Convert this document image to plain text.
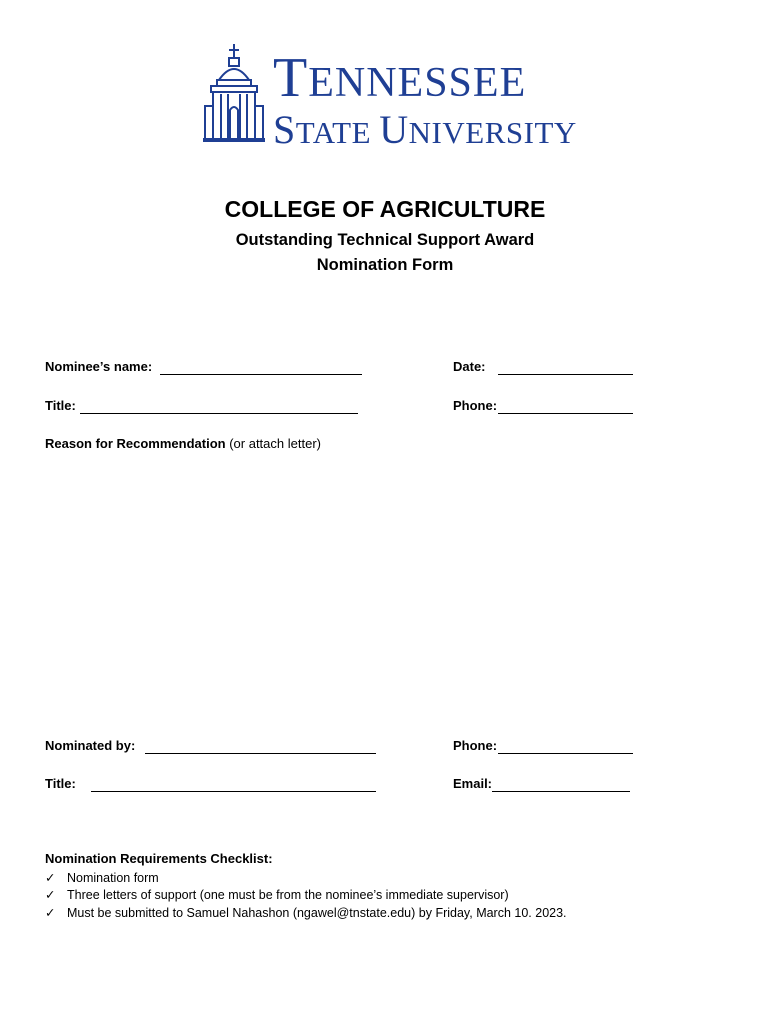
TENNESSEE
STATE UNIVERSITY
COLLEGE OF AGRICULTURE
Outstanding Technical Support Award
Nomination Form
Nominee’s name:	Date:
Title:	Phone:
Reason for Recommendation (or attach letter)
Nominated by:	Phone:
Title:	Email:
Nomination Requirements Checklist:
✓ Nomination form
✓ Three letters of support (one must be from the nominee’s immediate supervisor)
✓ Must be submitted to Samuel Nahashon (ngawel@tnstate.edu) by Friday, March 10. 2023.
